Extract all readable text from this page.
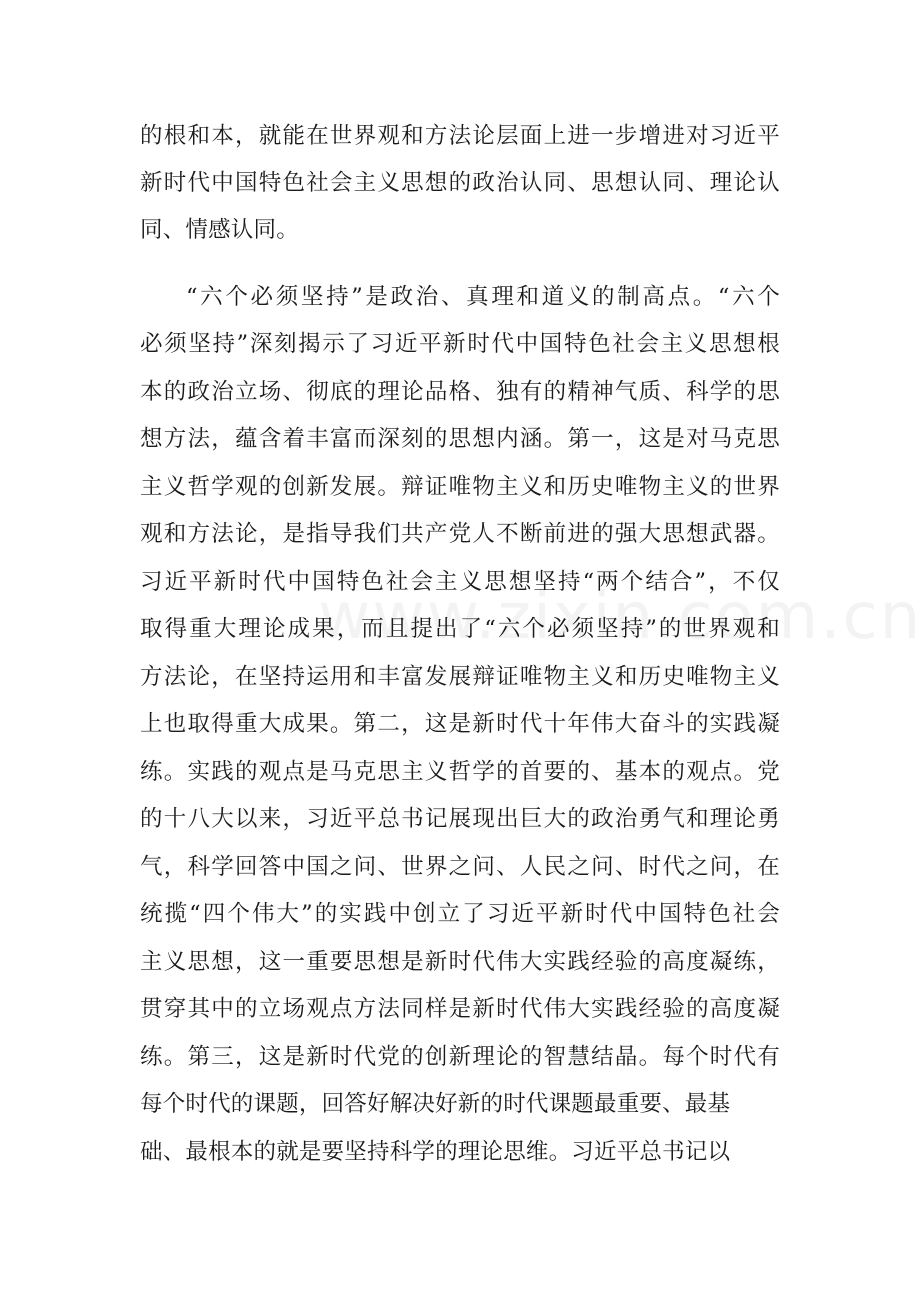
的根和本，就能在世界观和方法论层面上进一步增进对习近平
新时代中国特色社会主义思想的政治认同、思想认同、理论认
同、情感认同。
“六个必须坚持”是政治、真理和道义的制高点。“六个
必须坚持”深刻揭示了习近平新时代中国特色社会主义思想根
本的政治立场、彻底的理论品格、独有的精神气质、科学的思
想方法，蕴含着丰富而深刻的思想内涵。第一，这是对马克思
主义哲学观的创新发展。辩证唯物主义和历史唯物主义的世界
观和方法论，是指导我们共产党人不断前进的强大思想武器。
习近平新时代中国特色社会主义思想坚持“两个结合”，不仅
取得重大理论成果，而且提出了“六个必须坚持”的世界观和
方法论，在坚持运用和丰富发展辩证唯物主义和历史唯物主义
上也取得重大成果。第二，这是新时代十年伟大奋斗的实践凝
练。实践的观点是马克思主义哲学的首要的、基本的观点。党
的十八大以来，习近平总书记展现出巨大的政治勇气和理论勇
气，科学回答中国之问、世界之问、人民之问、时代之问，在
统揽“四个伟大”的实践中创立了习近平新时代中国特色社会
主义思想，这一重要思想是新时代伟大实践经验的高度凝练，
贯穿其中的立场观点方法同样是新时代伟大实践经验的高度凝
练。第三，这是新时代党的创新理论的智慧结晶。每个时代有
每个时代的课题，回答好解决好新的时代课题最重要、最基
础、最根本的就是要坚持科学的理论思维。习近平总书记以
